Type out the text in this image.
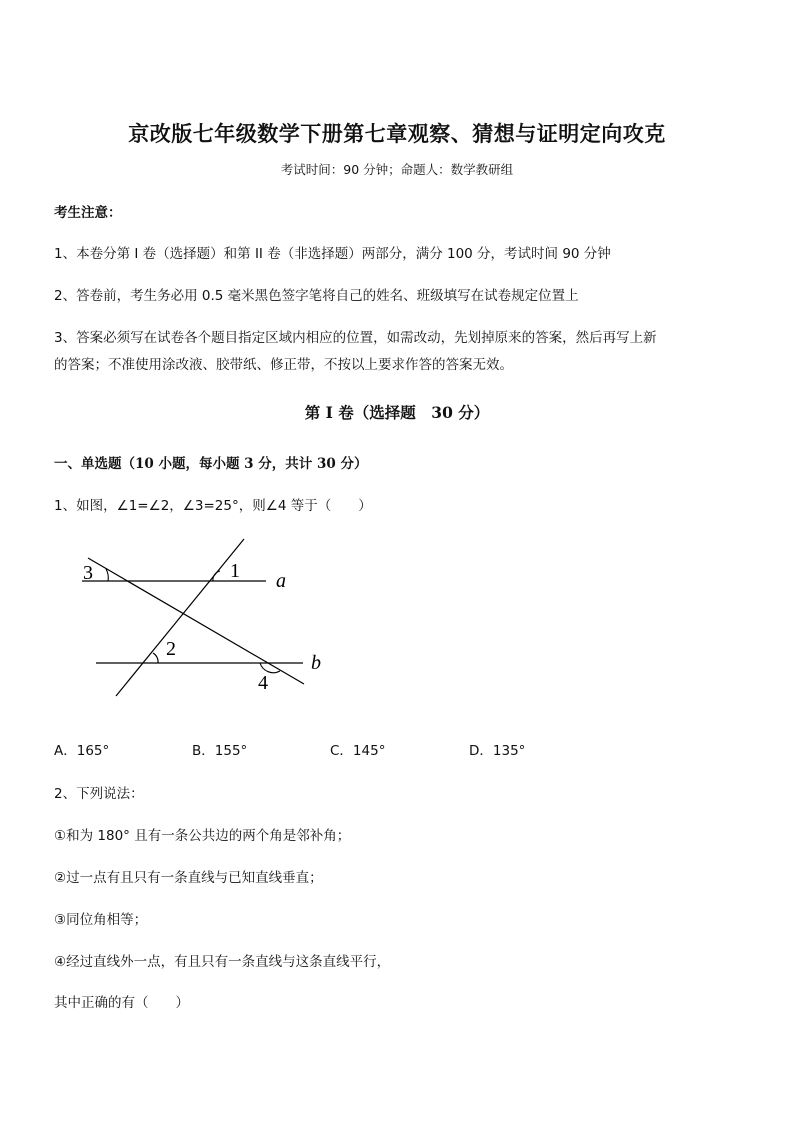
京改版七年级数学下册第七章观察、猜想与证明定向攻克
考试时间：90 分钟；命题人：数学教研组
考生注意：
1、本卷分第 I 卷（选择题）和第 II 卷（非选择题）两部分，满分 100 分，考试时间 90 分钟
2、答卷前，考生务必用 0.5 毫米黑色签字笔将自己的姓名、班级填写在试卷规定位置上
3、答案必须写在试卷各个题目指定区域内相应的位置，如需改动，先划掉原来的答案，然后再写上新
的答案；不准使用涂改液、胶带纸、修正带，不按以上要求作答的答案无效。
第 I 卷（选择题　30 分）
一、单选题（10 小题，每小题 3 分，共计 30 分）
1、如图，∠1=∠2，∠3=25°，则∠4 等于（　　）
3	1 a
2
b
4
A．165°	B．155°	C．145°	D．135°
2、下列说法：
①和为 180° 且有一条公共边的两个角是邻补角；
②过一点有且只有一条直线与已知直线垂直；
③同位角相等；
④经过直线外一点，有且只有一条直线与这条直线平行，
其中正确的有（　　）
